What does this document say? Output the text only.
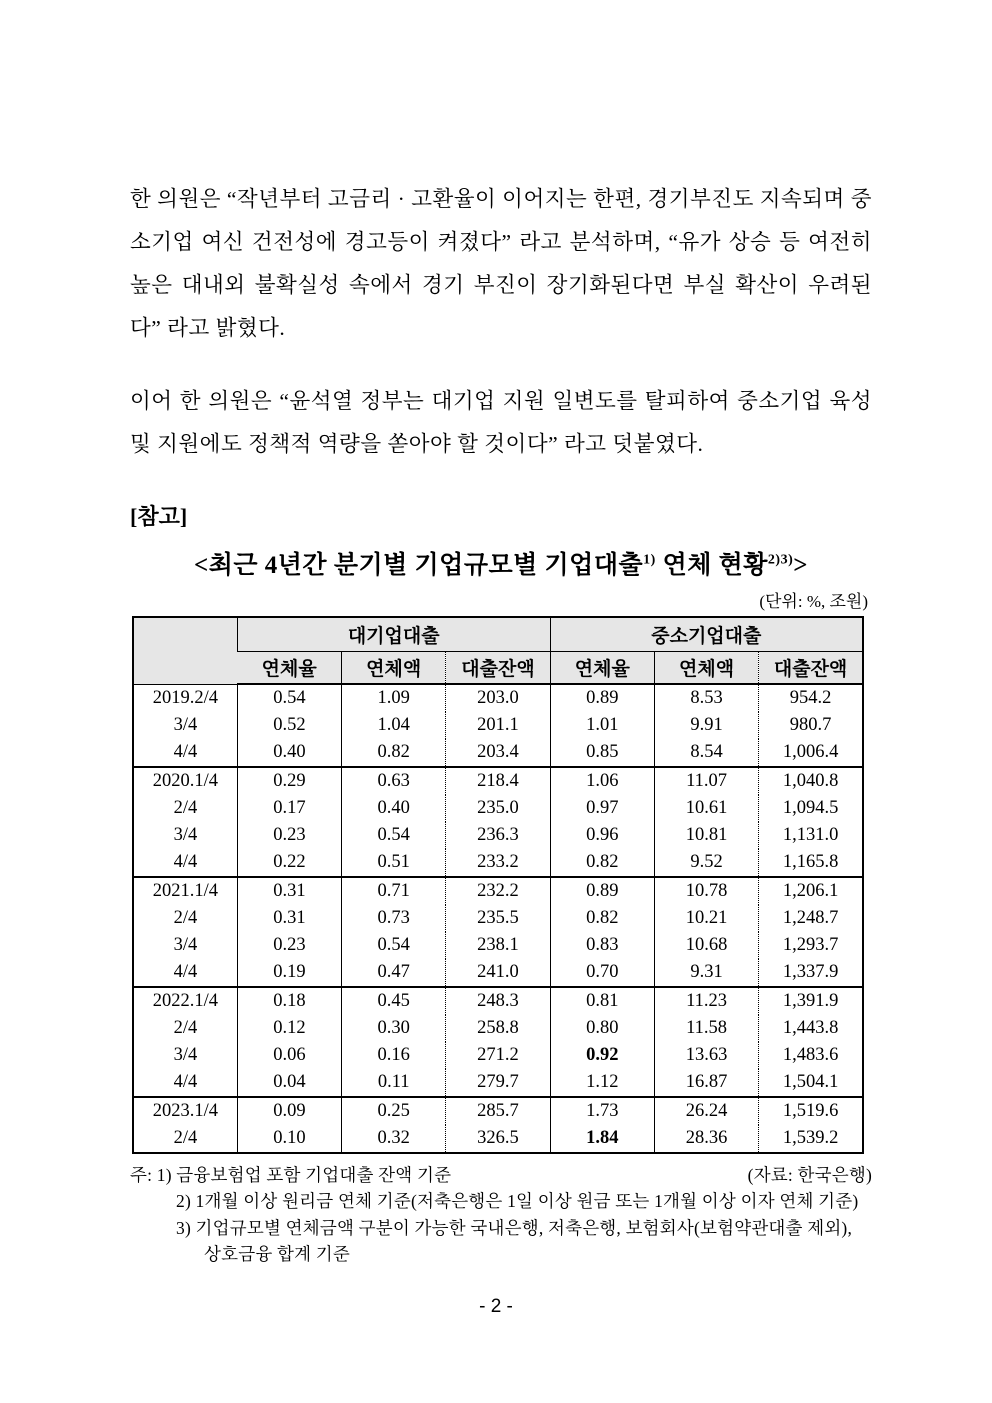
한 의원은 “작년부터 고금리 · 고환율이 이어지는 한편, 경기부진도 지속되며 중소기업 여신 건전성에 경고등이 켜졌다” 라고 분석하며, “유가 상승 등 여전히 높은 대내외 불확실성 속에서 경기 부진이 장기화된다면 부실 확산이 우려된다” 라고 밝혔다.

이어 한 의원은 “윤석열 정부는 대기업 지원 일변도를 탈피하여 중소기업 육성 및 지원에도 정책적 역량을 쏟아야 할 것이다” 라고 덧붙였다.

[참고]
<최근 4년간 분기별 기업규모별 기업대출$^{1)}$ 연체 현황$^{2)3)}$>
(단위: %, 조원)
	대기업대출			중소기업대출		
	연체율	연체액	대출잔액	연체율	연체액	대출잔액
2019.2/4	0.54	1.09	203.0	0.89	8.53	954.2
3/4	0.52	1.04	201.1	1.01	9.91	980.7
4/4	0.40	0.82	203.4	0.85	8.54	1,006.4
2020.1/4	0.29	0.63	218.4	1.06	11.07	1,040.8
2/4	0.17	0.40	235.0	0.97	10.61	1,094.5
3/4	0.23	0.54	236.3	0.96	10.81	1,131.0
4/4	0.22	0.51	233.2	0.82	9.52	1,165.8
2021.1/4	0.31	0.71	232.2	0.89	10.78	1,206.1
2/4	0.31	0.73	235.5	0.82	10.21	1,248.7
3/4	0.23	0.54	238.1	0.83	10.68	1,293.7
4/4	0.19	0.47	241.0	0.70	9.31	1,337.9
2022.1/4	0.18	0.45	248.3	0.81	11.23	1,391.9
2/4	0.12	0.30	258.8	0.80	11.58	1,443.8
3/4	0.06	0.16	271.2	0.92	13.63	1,483.6
4/4	0.04	0.11	279.7	1.12	16.87	1,504.1
2023.1/4	0.09	0.25	285.7	1.73	26.24	1,519.6
2/4	0.10	0.32	326.5	1.84	28.36	1,539.2
주: 1) 금융보험업 포함 기업대출 잔액 기준	(자료: 한국은행)
2) 1개월 이상 원리금 연체 기준(저축은행은 1일 이상 원금 또는 1개월 이상 이자 연체 기준)
3) 기업규모별 연체금액 구분이 가능한 국내은행, 저축은행, 보험회사(보험약관대출 제외), 상호금융 합계 기준
- 2 -
